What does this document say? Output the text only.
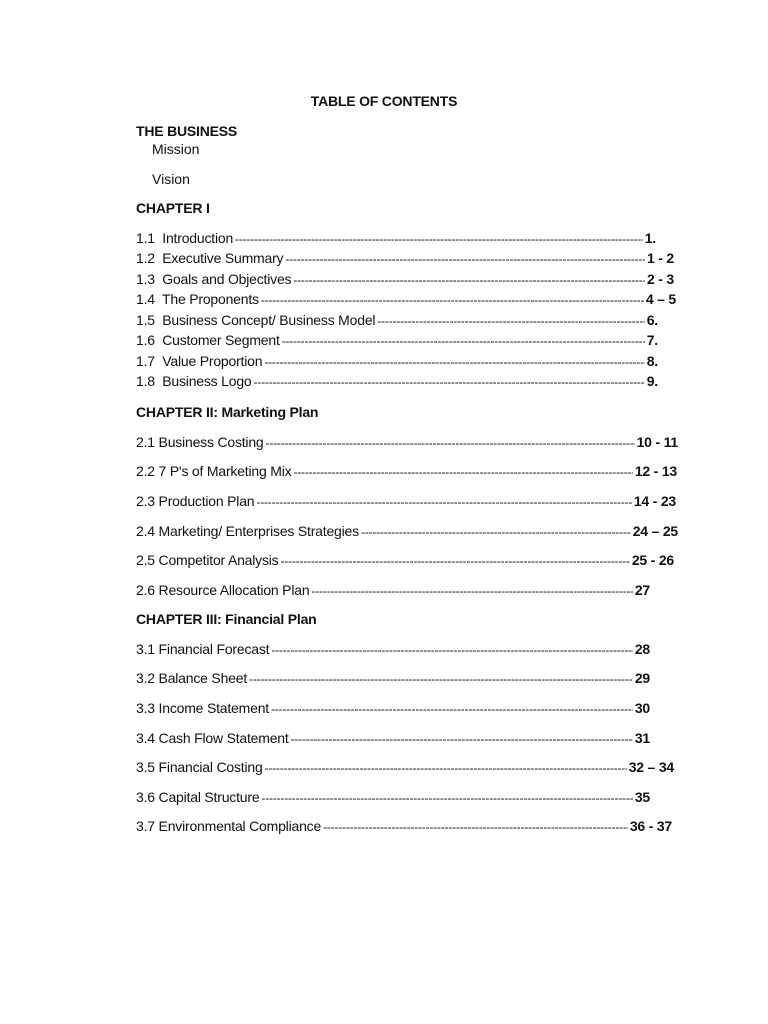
TABLE OF CONTENTS
THE BUSINESS
Mission
Vision
CHAPTER I
1.1 Introduction -----	1.
1.2 Executive Summary -----	1 - 2
1.3 Goals and Objectives -----	2 - 3
1.4 The Proponents -----	4 – 5
1.5 Business Concept/ Business Model -----	6.
1.6 Customer Segment -----	7.
1.7 Value Proportion -----	8.
1.8 Business Logo -----	9.
CHAPTER II: Marketing Plan
2.1 Business Costing -----	10 - 11
2.2 7 P's of Marketing Mix -----	12 - 13
2.3 Production Plan -----	14 - 23
2.4 Marketing/ Enterprises Strategies -----	24 – 25
2.5 Competitor Analysis -----	25 - 26
2.6 Resource Allocation Plan -----	27
CHAPTER III: Financial Plan
3.1 Financial Forecast -----	28
3.2 Balance Sheet -----	29
3.3 Income Statement -----	30
3.4 Cash Flow Statement -----	31
3.5 Financial Costing -----	32 – 34
3.6 Capital Structure -----	35
3.7 Environmental Compliance -----	36 - 37
